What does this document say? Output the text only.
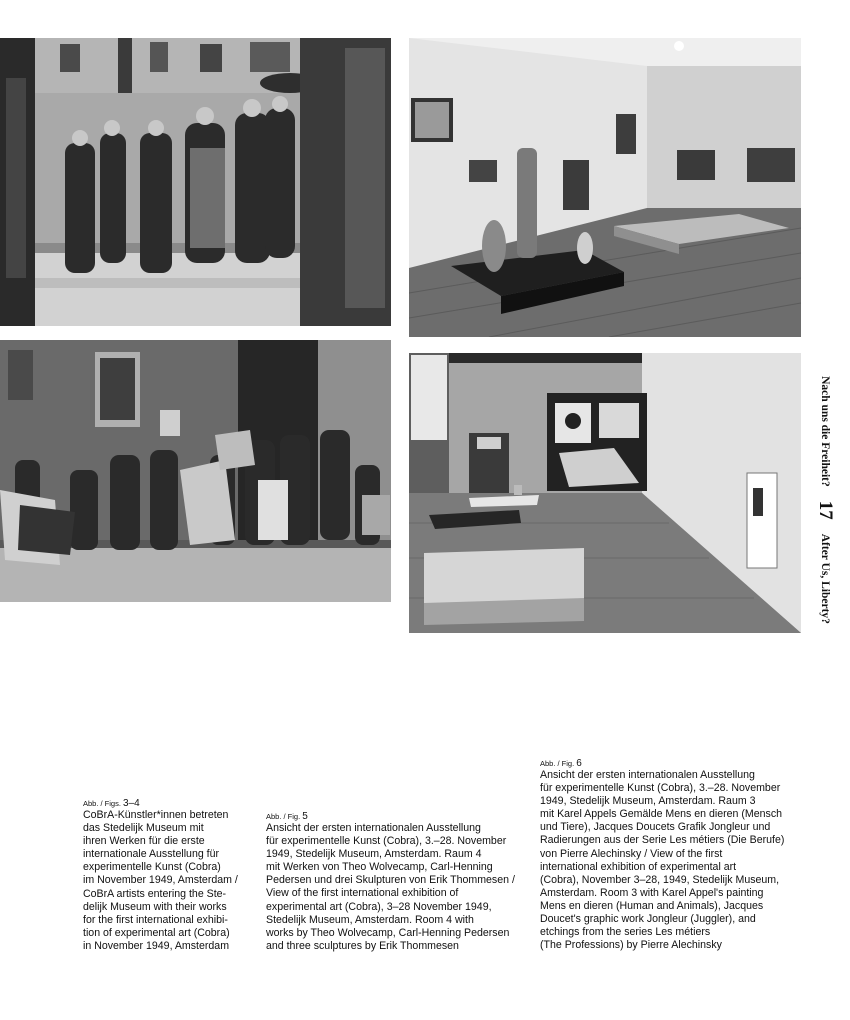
Nach uns die Freiheit?
17
After Us, Liberty?
Abb. / Figs. 3–4
CoBrA-Künstler*innen betreten
das Stedelijk Museum mit
ihren Werken für die erste
internationale Ausstellung für
experimentelle Kunst (Cobra)
im November 1949, Amsterdam /
CoBrA artists entering the Ste-
delijk Museum with their works
for the first international exhibi-
tion of experimental art (Cobra)
in November 1949, Amsterdam
Abb. / Fig. 5
Ansicht der ersten internationalen Ausstellung
für experimentelle Kunst (Cobra), 3.–28. November
1949, Stedelijk Museum, Amsterdam. Raum 4
mit Werken von Theo Wolvecamp, Carl-Henning
Pedersen und drei Skulpturen von Erik Thommesen /
View of the first international exhibition of
experimental art (Cobra), 3–28 November 1949,
Stedelijk Museum, Amsterdam. Room 4 with
works by Theo Wolvecamp, Carl-Henning Pedersen
and three sculptures by Erik Thommesen
Abb. / Fig. 6
Ansicht der ersten internationalen Ausstellung
für experimentelle Kunst (Cobra), 3.–28. November
1949, Stedelijk Museum, Amsterdam. Raum 3
mit Karel Appels Gemälde Mens en dieren (Mensch
und Tiere), Jacques Doucets Grafik Jongleur und
Radierungen aus der Serie Les métiers (Die Berufe)
von Pierre Alechinsky / View of the first
international exhibition of experimental art
(Cobra), November 3–28, 1949, Stedelijk Museum,
Amsterdam. Room 3 with Karel Appel's painting
Mens en dieren (Human and Animals), Jacques
Doucet's graphic work Jongleur (Juggler), and
etchings from the series Les métiers
(The Professions) by Pierre Alechinsky
